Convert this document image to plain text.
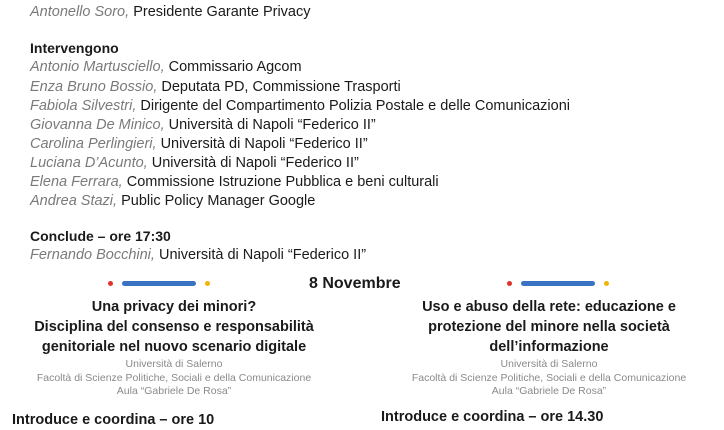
Antonello Soro, Presidente Garante Privacy
Intervengono
Antonio Martusciello, Commissario Agcom
Enza Bruno Bossio, Deputata PD, Commissione Trasporti
Fabiola Silvestri, Dirigente del Compartimento Polizia Postale e delle Comunicazioni
Giovanna De Minico, Università di Napoli “Federico II”
Carolina Perlingieri, Università di Napoli “Federico II”
Luciana D’Acunto, Università di Napoli “Federico II”
Elena Ferrara, Commissione Istruzione Pubblica e beni culturali
Andrea Stazi, Public Policy Manager Google
Conclude – ore 17:30
Fernando Bocchini, Università di Napoli “Federico II”
8 Novembre
Una privacy dei minori?
Disciplina del consenso e responsabilità
genitoriale nel nuovo scenario digitale
Università di Salerno
Facoltà di Scienze Politiche, Sociali e della Comunicazione
Aula “Gabriele De Rosa”
Introduce e coordina – ore 10
Uso e abuso della rete: educazione e
protezione del minore nella società
dell’informazione
Università di Salerno
Facoltà di Scienze Politiche, Sociali e della Comunicazione
Aula “Gabriele De Rosa”
Introduce e coordina – ore 14.30
